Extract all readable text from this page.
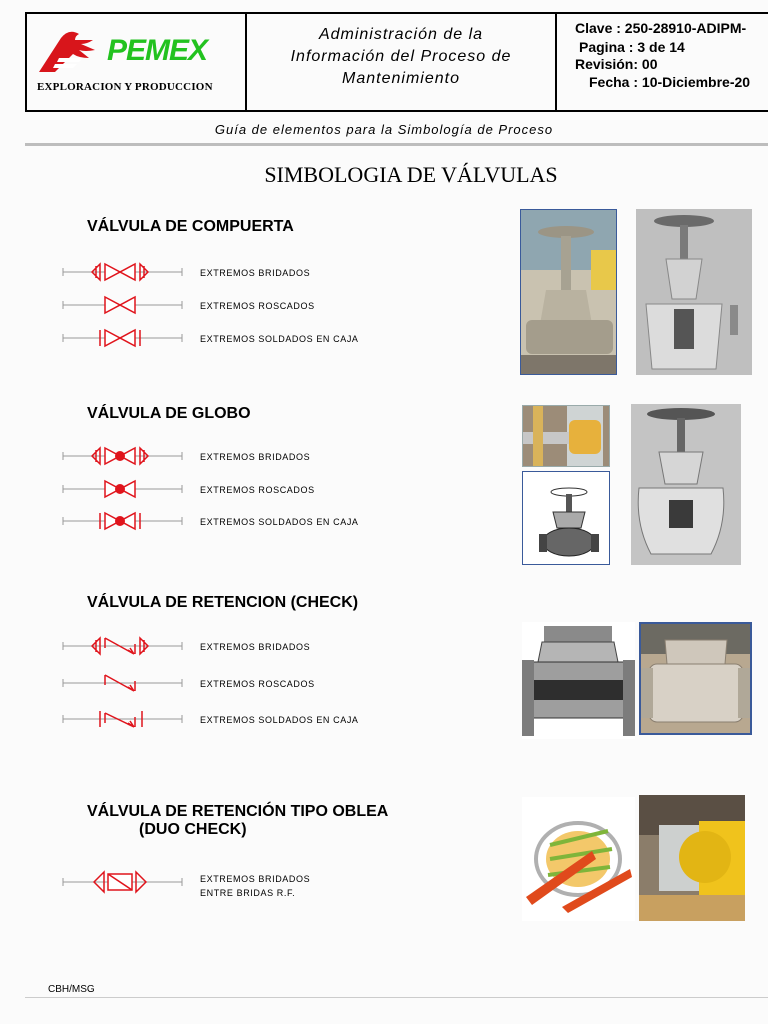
PEMEX
EXPLORACION Y PRODUCCION
Administración de la
Información del Proceso de
Mantenimiento
Clave : 250-28910-ADIPM-
Pagina : 3 de 14
Revisión: 00
Fecha : 10-Diciembre-20
Guía de elementos para la Simbología de Proceso
SIMBOLOGIA DE VÁLVULAS
VÁLVULA DE COMPUERTA
EXTREMOS BRIDADOS
EXTREMOS ROSCADOS
EXTREMOS SOLDADOS EN CAJA
VÁLVULA DE GLOBO
EXTREMOS BRIDADOS
EXTREMOS ROSCADOS
EXTREMOS SOLDADOS EN CAJA
VÁLVULA DE RETENCION (CHECK)
EXTREMOS BRIDADOS
EXTREMOS ROSCADOS
EXTREMOS SOLDADOS EN CAJA
VÁLVULA DE RETENCIÓN TIPO OBLEA
(DUO CHECK)
EXTREMOS BRIDADOS
ENTRE BRIDAS R.F.
CBH/MSG
